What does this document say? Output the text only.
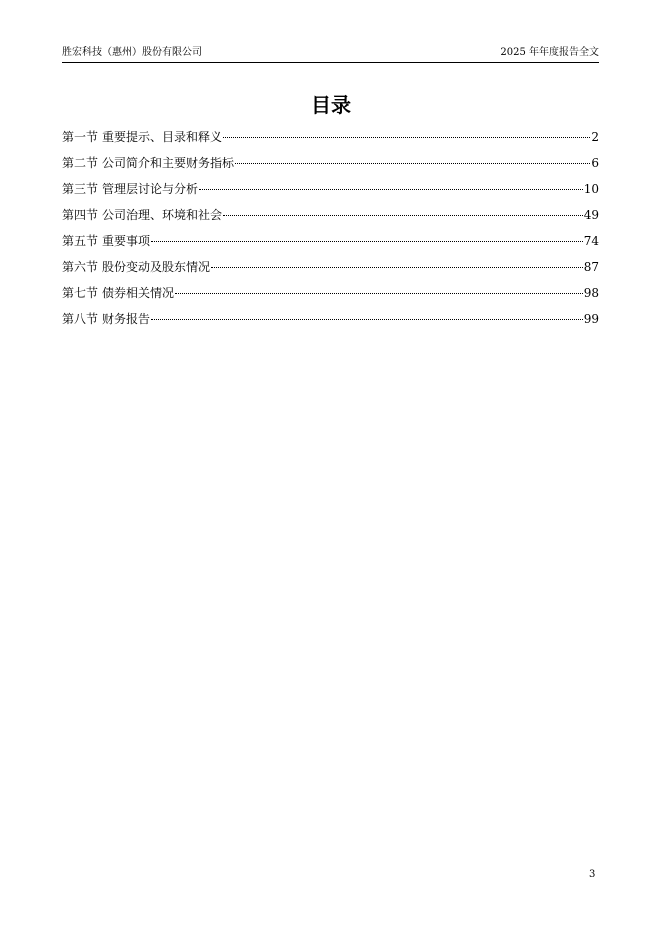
胜宏科技（惠州）股份有限公司	2025 年年度报告全文
目录
第一节 重要提示、目录和释义	2
第二节 公司简介和主要财务指标	6
第三节 管理层讨论与分析	10
第四节 公司治理、环境和社会	49
第五节 重要事项	74
第六节 股份变动及股东情况	87
第七节 债券相关情况	98
第八节 财务报告	99
3
